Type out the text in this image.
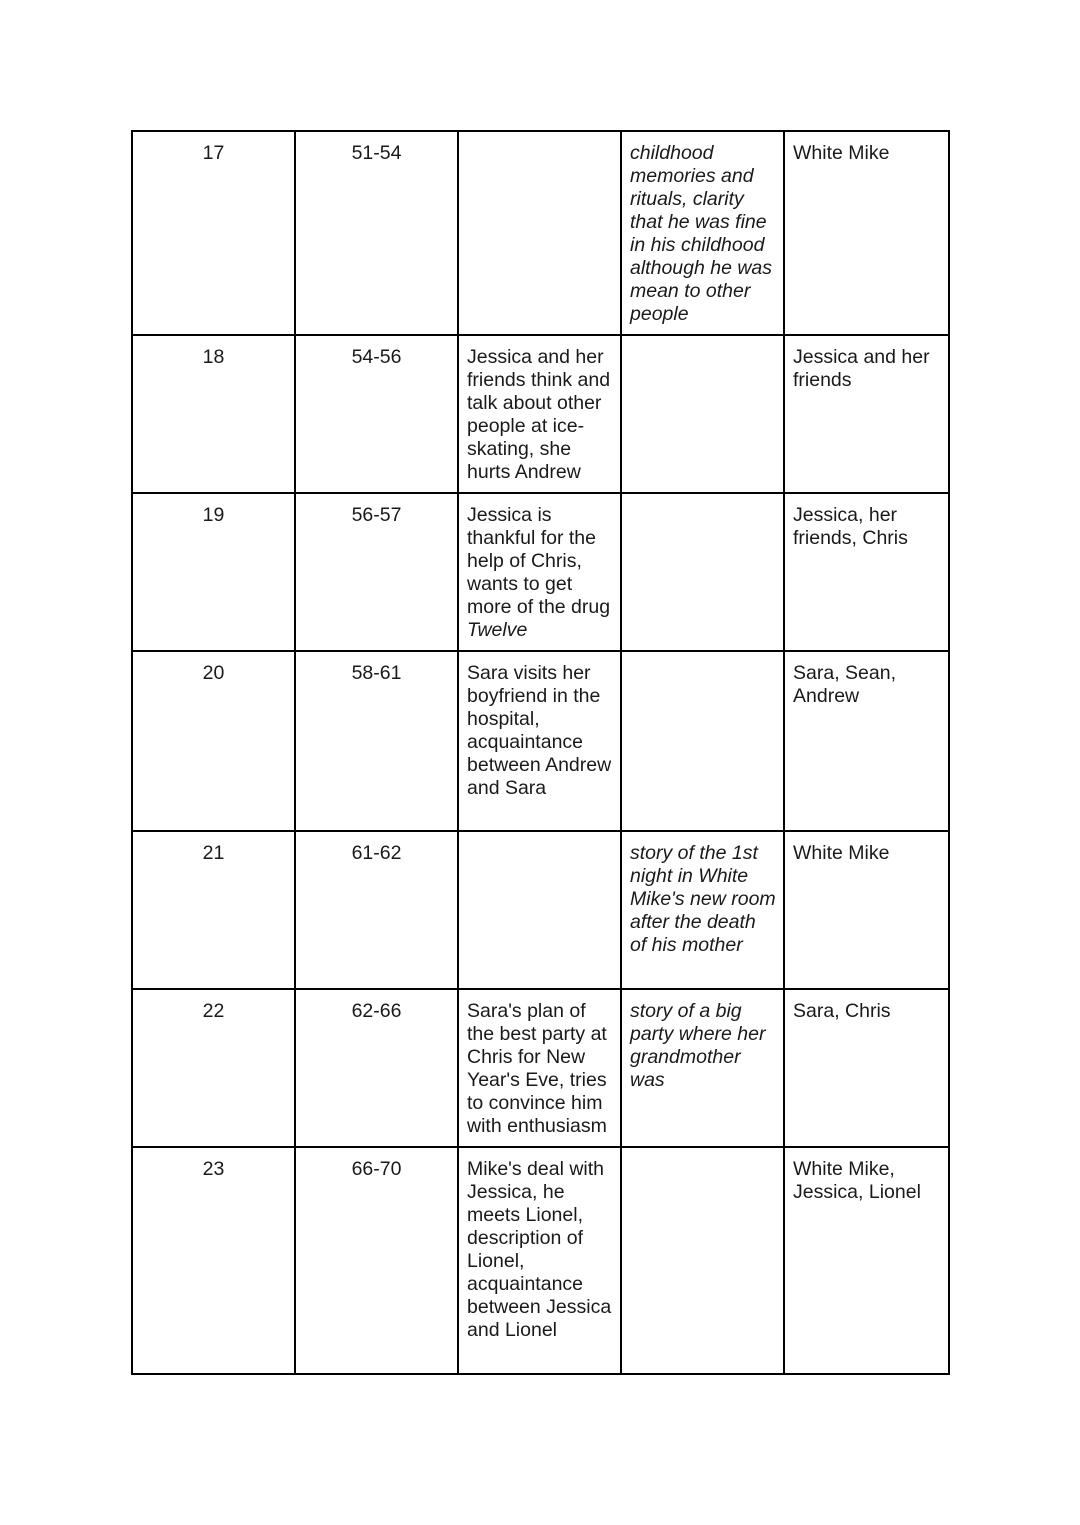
17	51-54		childhood memories and rituals, clarity that he was fine in his childhood although he was mean to other people	White Mike
18	54-56	Jessica and her friends think and talk about other people at ice-skating, she hurts Andrew		Jessica and her friends
19	56-57	Jessica is thankful for the help of Chris, wants to get more of the drug Twelve		Jessica, her friends, Chris
20	58-61	Sara visits her boyfriend in the hospital, acquaintance between Andrew and Sara		Sara, Sean, Andrew
21	61-62		story of the 1st night in White Mike's new room after the death of his mother	White Mike
22	62-66	Sara's plan of the best party at Chris for New Year's Eve, tries to convince him with enthusiasm	story of a big party where her grandmother was	Sara, Chris
23	66-70	Mike's deal with Jessica, he meets Lionel, description of Lionel, acquaintance between Jessica and Lionel		White Mike, Jessica, Lionel
